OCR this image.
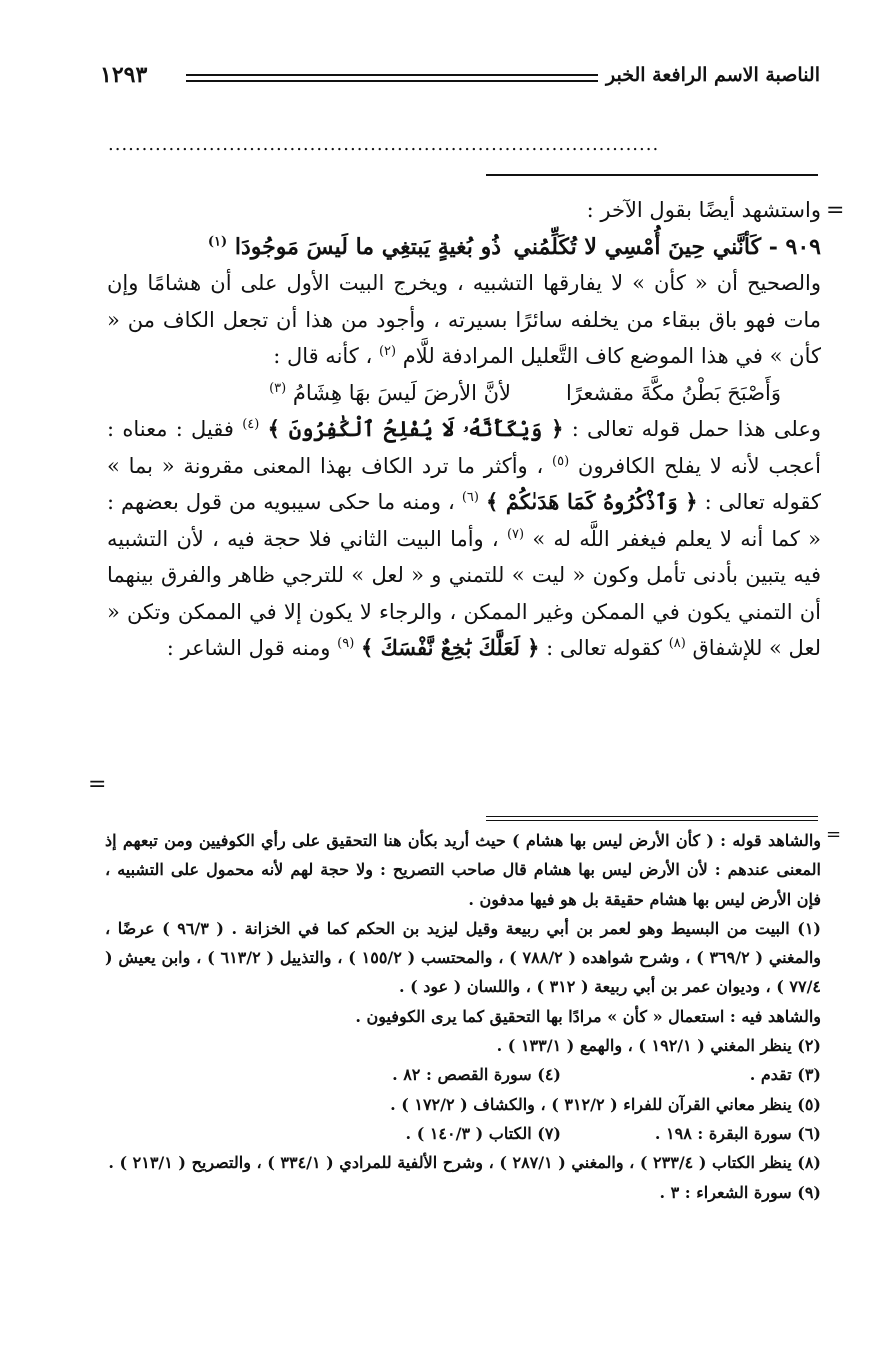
الناصبة الاسم الرافعة الخبر
١٢٩٣
..................................................................................
=
=
=

واستشهد أيضًا بقول الآخر :

٩٠٩ - كَأنَّني حِينَ أُمْسِي لا تُكَلِّمُنيذُو بُغيةٍ يَبتغِي ما لَيسَ مَوجُودَا $^{(١)}$

والصحيح أن « كأن » لا يفارقها التشبيه ، ويخرج البيت الأول على أن هشامًا وإن مات فهو باق ببقاء من يخلفه سائرًا بسيرته ، وأجود من هذا أن تجعل الكاف من « كأن » في هذا الموضع كاف التَّعليل المرادفة للَّام $^{(٢)}$ ، كأنه قال :

وَأَصْبَحَ بَطْنُ مكَّةَ مقشعرًالأنَّ الأرضَ لَيسَ بهَا هِشَامُ $^{(٣)}$

وعلى هذا حمل قوله تعالى : ﴿ وَيْكَأَنَّهُۥ لَا يُفْلِحُ ٱلْكَٰفِرُونَ ﴾ $^{(٤)}$ فقيل : معناه : أعجب لأنه لا يفلح الكافرون $^{(٥)}$ ، وأكثر ما ترد الكاف بهذا المعنى مقرونة « بما » كقوله تعالى : ﴿ وَٱذْكُرُوهُ كَمَا هَدَىٰكُمْ ﴾ $^{(٦)}$ ، ومنه ما حكى سيبويه من قول بعضهم : « كما أنه لا يعلم فيغفر اللَّه له » $^{(٧)}$ ، وأما البيت الثاني فلا حجة فيه ، لأن التشبيه فيه يتبين بأدنى تأمل وكون « ليت » للتمني و « لعل » للترجي ظاهر والفرق بينهما أن التمني يكون في الممكن وغير الممكن ، والرجاء لا يكون إلا في الممكن وتكن « لعل » للإشفاق $^{(٨)}$ كقوله تعالى : ﴿ لَعَلَّكَ بَٰخِعٌ نَّفْسَكَ ﴾ $^{(٩)}$ ومنه قول الشاعر :

والشاهد قوله : ( كأن الأرض ليس بها هشام ) حيث أريد بكأن هنا التحقيق على رأي الكوفيين ومن تبعهم إذ المعنى عندهم : لأن الأرض ليس بها هشام قال صاحب التصريح : ولا حجة لهم لأنه محمول على التشبيه ، فإن الأرض ليس بها هشام حقيقة بل هو فيها مدفون .

(١) البيت من البسيط وهو لعمر بن أبي ربيعة وقيل ليزيد بن الحكم كما في الخزانة . ( ٩٦/٣ ) عرضًا ، والمغني ( ٣٦٩/٢ ) ، وشرح شواهده ( ٧٨٨/٢ ) ، والمحتسب ( ١٥٥/٢ ) ، والتذييل ( ٦١٣/٢ ) ، وابن يعيش ( ٧٧/٤ ) ، وديوان عمر بن أبي ربيعة ( ٣١٢ ) ، واللسان ( عود ) .

والشاهد فيه : استعمال « كأن » مرادًا بها التحقيق كما يرى الكوفيون .

(٢) ينظر المغني ( ١٩٢/١ ) ، والهمع ( ١٣٣/١ ) .

(٣) تقدم .
(٤) سورة القصص : ٨٢ .

(٥) ينظر معاني القرآن للفراء ( ٣١٢/٢ ) ، والكشاف ( ١٧٢/٢ ) .

(٦) سورة البقرة : ١٩٨ .
(٧) الكتاب ( ١٤٠/٣ ) .

(٨) ينظر الكتاب ( ٢٣٣/٤ ) ، والمغني ( ٢٨٧/١ ) ، وشرح الألفية للمرادي ( ٣٣٤/١ ) ، والتصريح ( ٢١٣/١ ) .

(٩) سورة الشعراء : ٣ .
